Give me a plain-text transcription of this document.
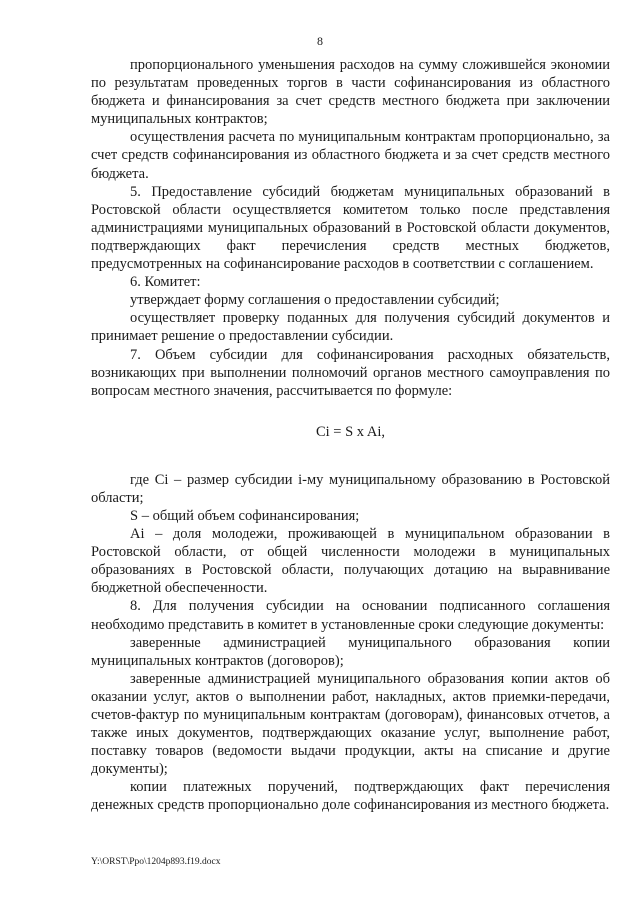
8

пропорционального уменьшения расходов на сумму сложившейся экономии по результатам проведенных торгов в части софинансирования из областного бюджета и финансирования за счет средств местного бюджета при заключении муниципальных контрактов;

осуществления расчета по муниципальным контрактам пропорционально, за счет средств софинансирования из областного бюджета и за счет средств местного бюджета.

5. Предоставление субсидий бюджетам муниципальных образований в Ростовской области осуществляется комитетом только после представления администрациями муниципальных образований в Ростовской области документов, подтверждающих факт перечисления средств местных бюджетов, предусмотренных на софинансирование расходов в соответствии с соглашением.

6. Комитет:

утверждает форму соглашения о предоставлении субсидий;

осуществляет проверку поданных для получения субсидий документов и принимает решение о предоставлении субсидии.

7. Объем субсидии для софинансирования расходных обязательств, возникающих при выполнении полномочий органов местного самоуправления по вопросам местного значения, рассчитывается по формуле:

Ci = S x Ai,

где Ci – размер субсидии i-му муниципальному образованию в Ростовской области;

S – общий объем софинансирования;

Ai – доля молодежи, проживающей в муниципальном образовании в Ростовской области, от общей численности молодежи в муниципальных образованиях в Ростовской области, получающих дотацию на выравнивание бюджетной обеспеченности.

8. Для получения субсидии на основании подписанного соглашения необходимо представить в комитет в установленные сроки следующие документы:

заверенные администрацией муниципального образования копии муниципальных контрактов (договоров);

заверенные администрацией муниципального образования копии актов об оказании услуг, актов о выполнении работ, накладных, актов приемки-передачи, счетов-фактур по муниципальным контрактам (договорам), финансовых отчетов, а также иных документов, подтверждающих оказание услуг, выполнение работ, поставку товаров (ведомости выдачи продукции, акты на списание и другие документы);

копии платежных поручений, подтверждающих факт перечисления денежных средств пропорционально доле софинансирования из местного бюджета.

Y:\ORST\Ppo\1204p893.f19.docx
